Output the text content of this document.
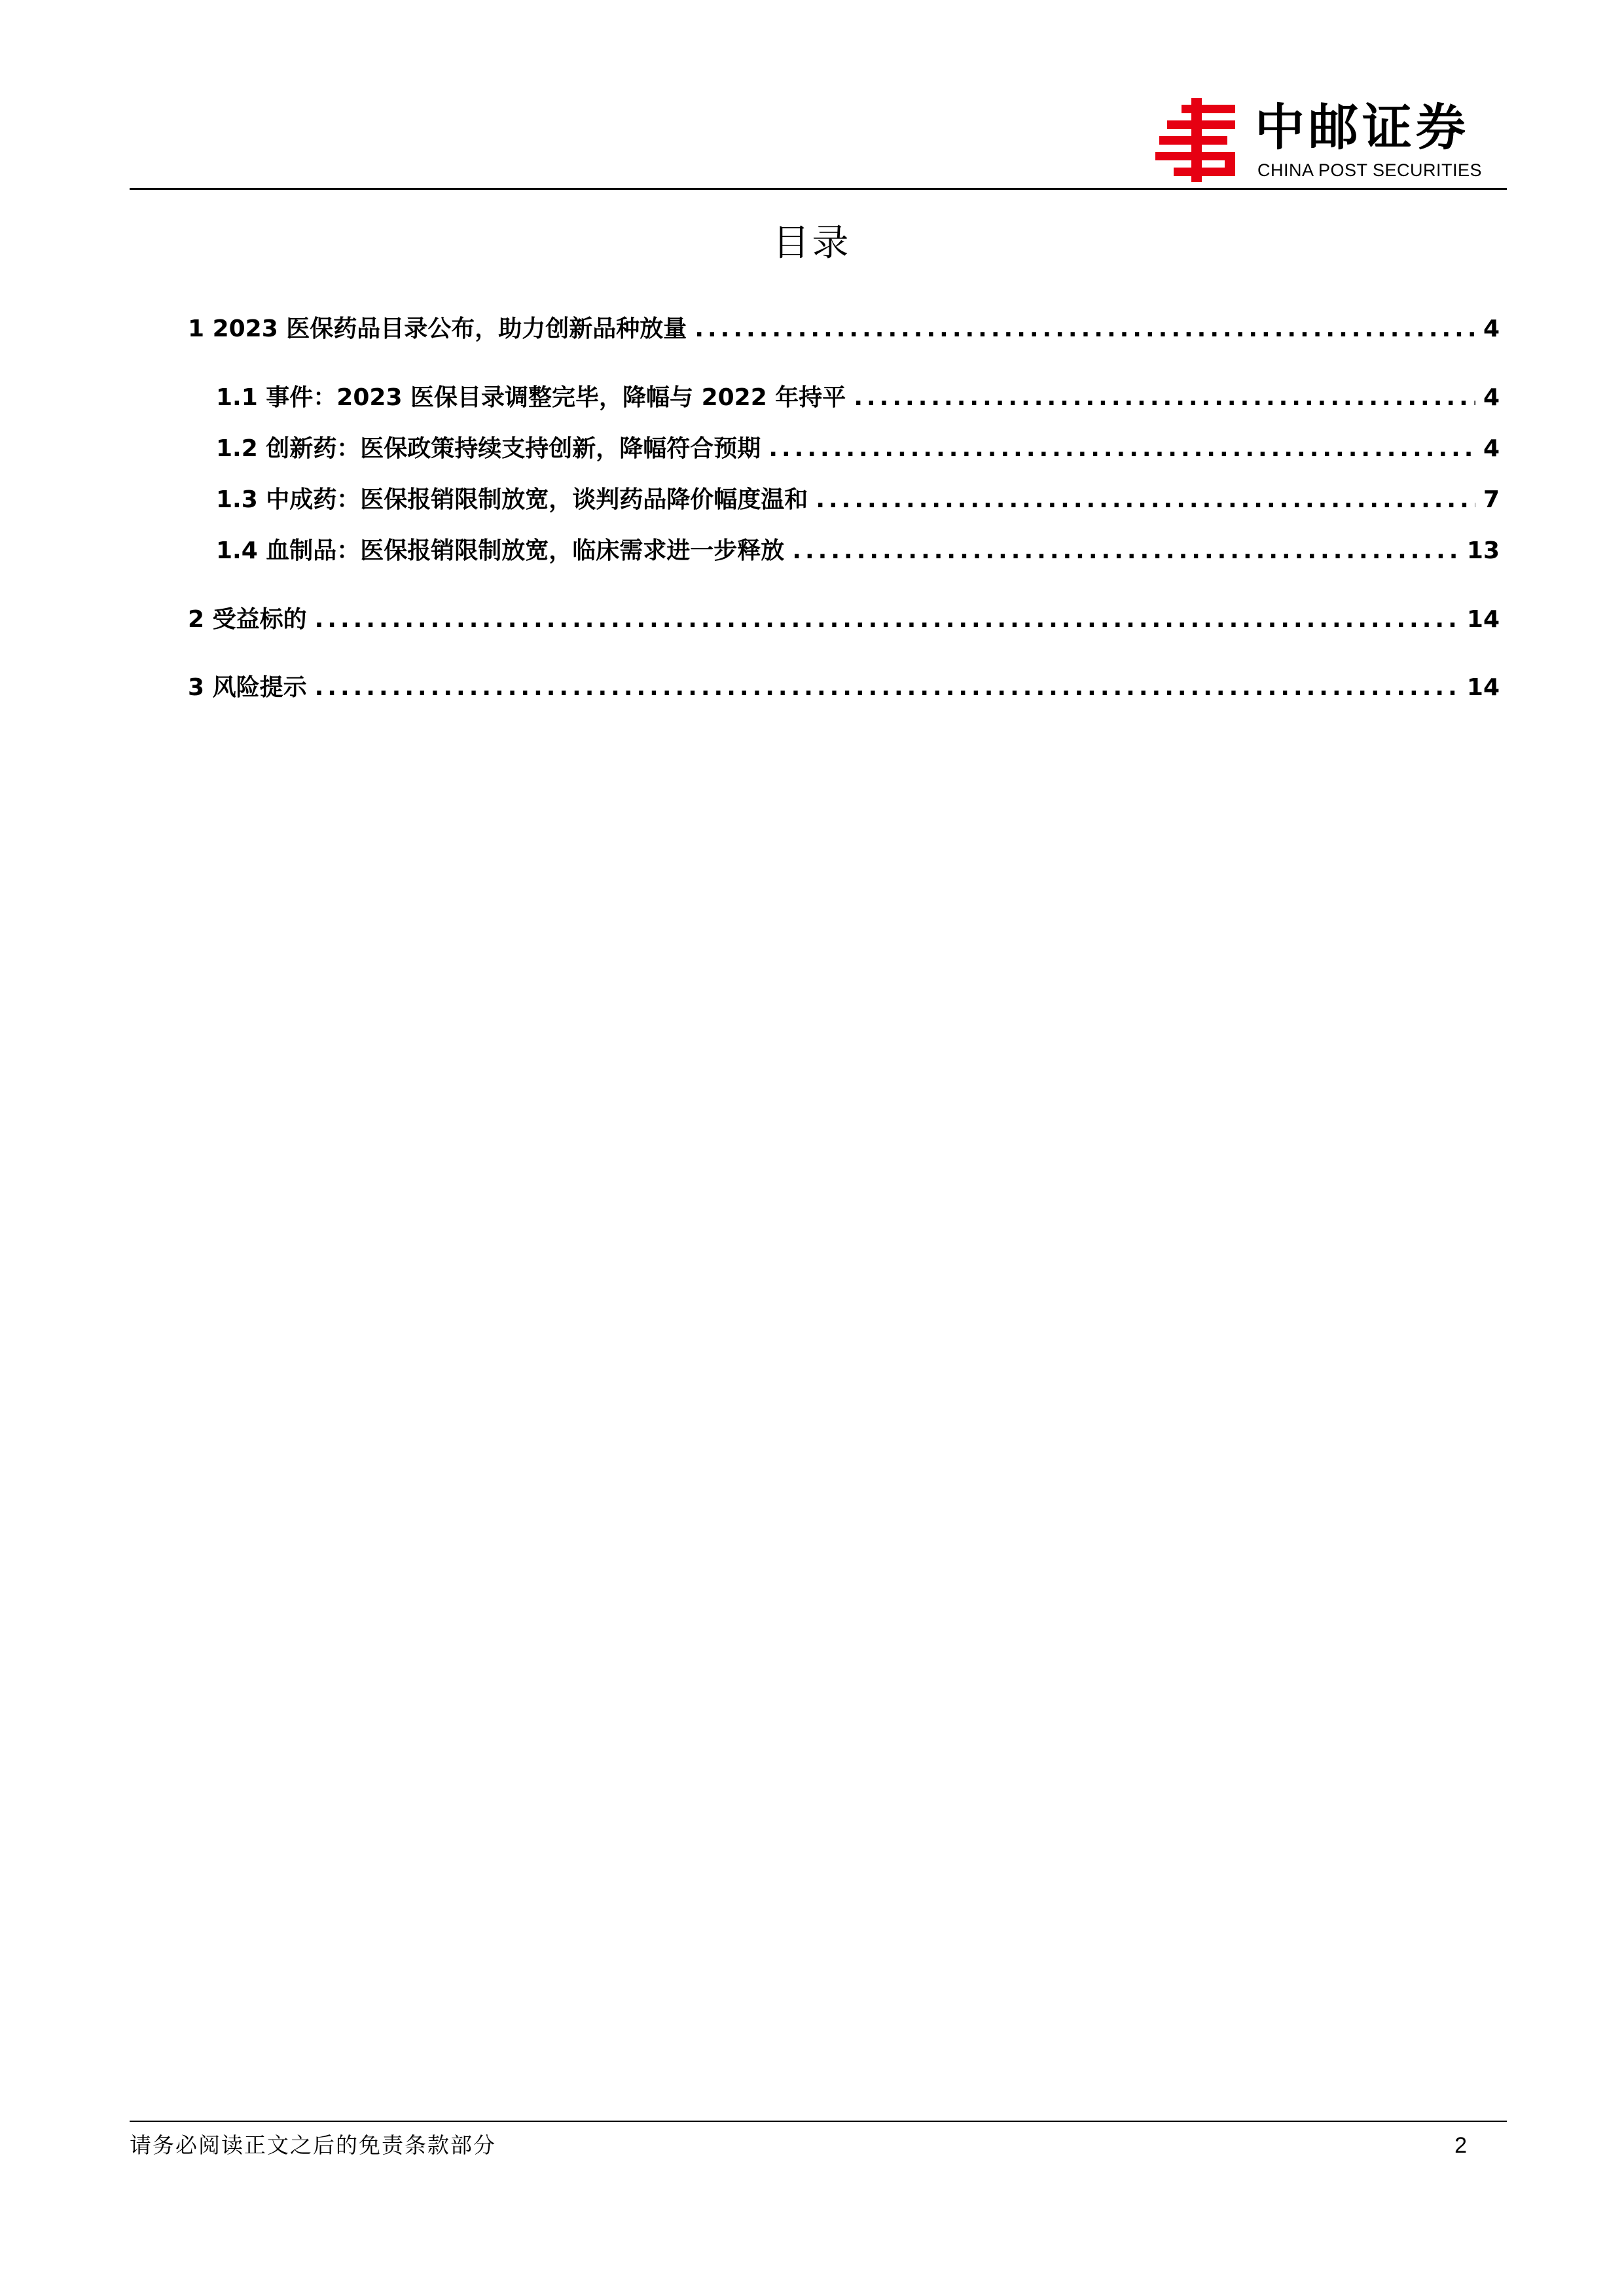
中邮证券
CHINA POST SECURITIES
目录
1 2023 医保药品目录公布，助力创新品种放量 .....	4
1.1 事件：2023 医保目录调整完毕，降幅与 2022 年持平 .....	4
1.2 创新药：医保政策持续支持创新，降幅符合预期 .....	4
1.3 中成药：医保报销限制放宽，谈判药品降价幅度温和 .....	7
1.4 血制品：医保报销限制放宽，临床需求进一步释放 .....	13
2 受益标的 .....	14
3 风险提示 .....	14
请务必阅读正文之后的免责条款部分	2
